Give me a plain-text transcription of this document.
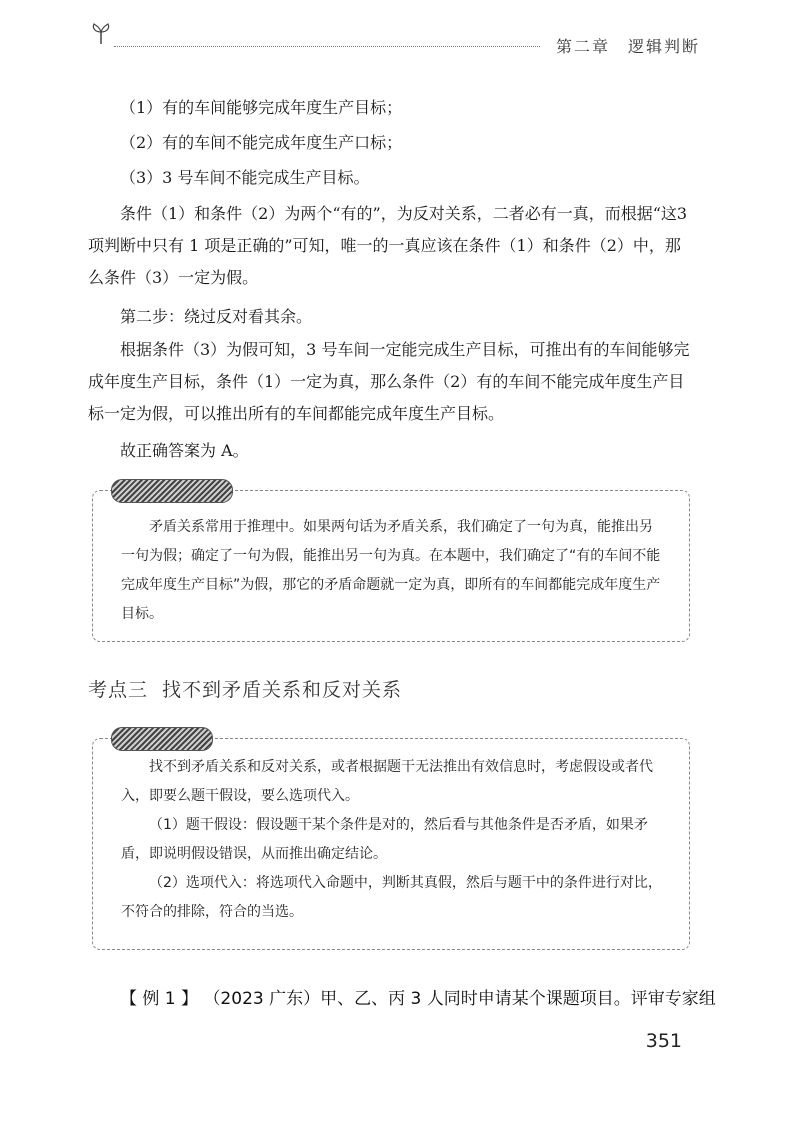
第二章 逻辑判断
（1）有的车间能够完成年度生产目标；
（2）有的车间不能完成年度生产口标；
（3）3 号车间不能完成生产目标。

条件（1）和条件（2）为两个“有的”，为反对关系，二者必有一真，而根据“这3 项判断中只有 1 项是正确的”可知，唯一的一真应该在条件（1）和条件（2）中，那么条件（3）一定为假。

第二步：绕过反对看其余。

根据条件（3）为假可知，3 号车间一定能完成生产目标，可推出有的车间能够完成年度生产目标，条件（1）一定为真，那么条件（2）有的车间不能完成年度生产目标一定为假，可以推出所有的车间都能完成年度生产目标。

故正确答案为 A。

矛盾关系常用于推理中。如果两句话为矛盾关系，我们确定了一句为真，能推出另一句为假；确定了一句为假，能推出另一句为真。在本题中，我们确定了“有的车间不能完成年度生产目标”为假，那它的矛盾命题就一定为真，即所有的车间都能完成年度生产目标。

考点三 找不到矛盾关系和反对关系

找不到矛盾关系和反对关系，或者根据题干无法推出有效信息时，考虑假设或者代入，即要么题干假设，要么选项代入。

（1）题干假设：假设题干某个条件是对的，然后看与其他条件是否矛盾，如果矛盾，即说明假设错误，从而推出确定结论。

（2）选项代入：将选项代入命题中，判断其真假，然后与题干中的条件进行对比，不符合的排除，符合的当选。

【 例 1 】 （2023 广东）甲、乙、丙 3 人同时申请某个课题项目。评审专家组
351
